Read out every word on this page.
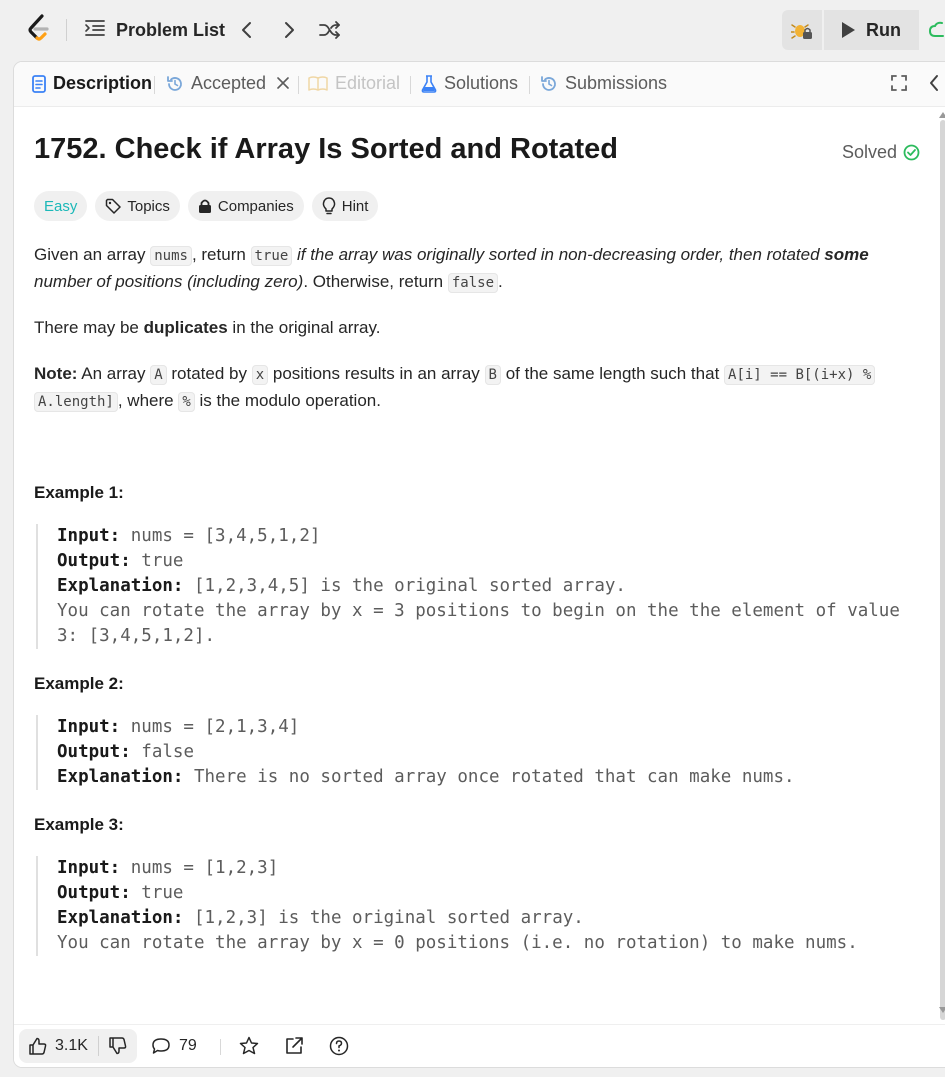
Problem List	Run
Description Accepted	Editorial Solutions	Submissions
1752. Check if Array Is Sorted and Rotated	Solved
Easy	Topics	Companies	Hint
Given an array nums , return true if the array was originally sorted in non-decreasing order, then rotated some number of positions (including zero). Otherwise, return false .
There may be duplicates in the original array.
Note: An array A rotated by x positions results in an array B of the same length such that A[i] == B[(i+x) %
A.length] , where % is the modulo operation.
Example 1:
Input: nums = [3,4,5,1,2]
Output: true
Explanation: [1,2,3,4,5] is the original sorted array.
You can rotate the array by x = 3 positions to begin on the the element of value
3: [3,4,5,1,2].
Example 2:
Input: nums = [2,1,3,4]
Output: false
Explanation: There is no sorted array once rotated that can make nums.
Example 3:
Input: nums = [1,2,3]
Output: true
Explanation: [1,2,3] is the original sorted array.
You can rotate the array by x = 0 positions (i.e. no rotation) to make nums.
3.1K	79
